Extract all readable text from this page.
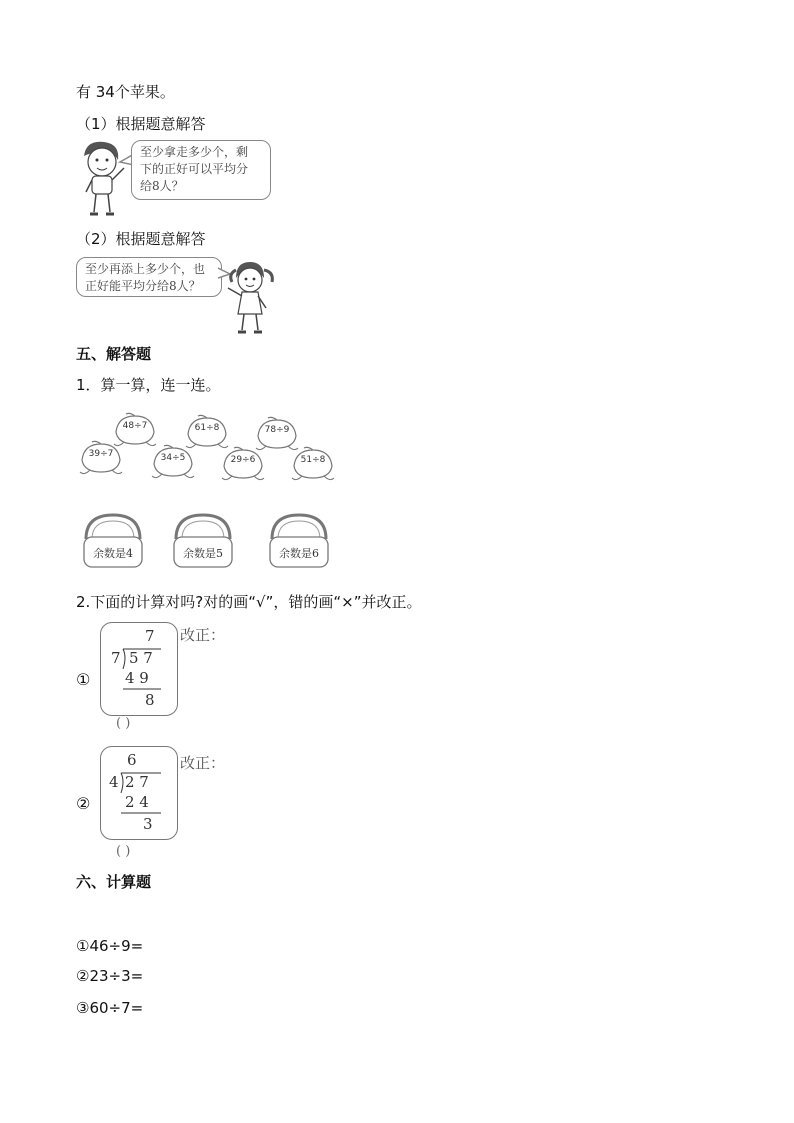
有 34个苹果。
（1）根据题意解答
至少拿走多少个，剩
下的正好可以平均分
给8人？
（2）根据题意解答
至少再添上多少个，也
正好能平均分给8人？
五、解答题
1．算一算，连一连。
48÷7	61÷8	78÷9
39÷7	34÷5	29÷6	51÷8
余数是4	余数是5	余数是6
2.下面的计算对吗?对的画“√”，错的画“×”并改正。
①
7
7 5 7
4 9
8
改正：
( )
②
6
4 2 7
2 4
3
改正：
( )
六、计算题
①46÷9=
②23÷3=
③60÷7=
